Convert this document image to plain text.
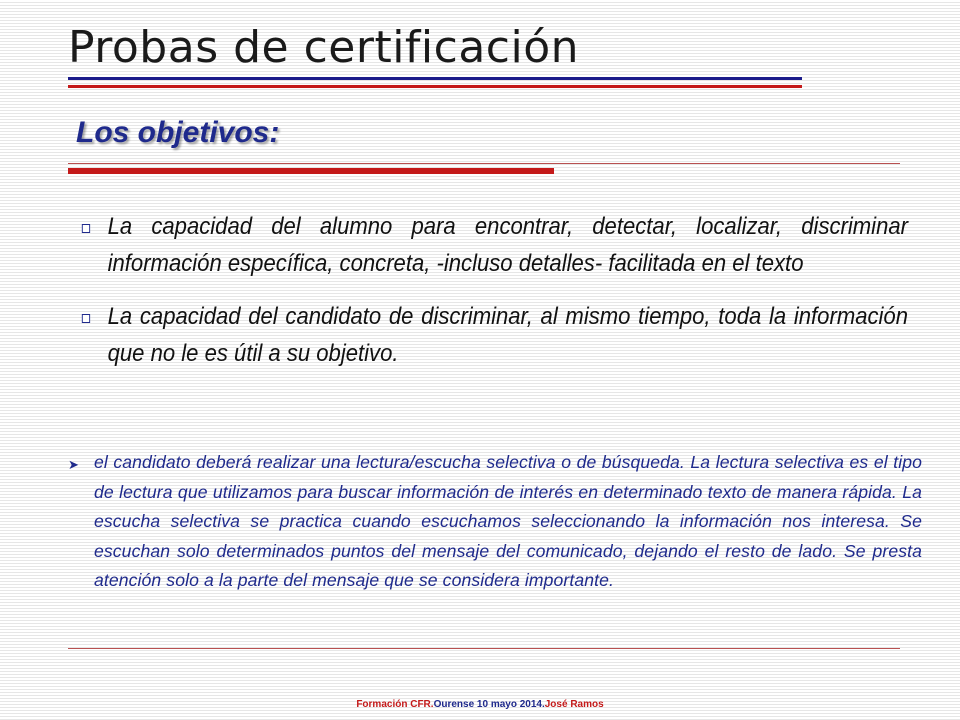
Probas de certificación
Los objetivos:
La capacidad del alumno para encontrar, detectar, localizar, discriminar información específica, concreta, -incluso detalles- facilitada en el texto
La capacidad del candidato de discriminar, al mismo tiempo, toda la información que no le es útil a su objetivo.
➤ el candidato deberá realizar una lectura/escucha selectiva o de búsqueda. La lectura selectiva es el tipo de lectura que utilizamos para buscar información de interés en determinado texto de manera rápida. La escucha selectiva se practica cuando escuchamos seleccionando la información nos interesa. Se escuchan solo determinados puntos del mensaje del comunicado, dejando el resto de lado. Se presta atención solo a la parte del mensaje que se considera importante.
Formación CFR.Ourense 10 mayo 2014.José Ramos
